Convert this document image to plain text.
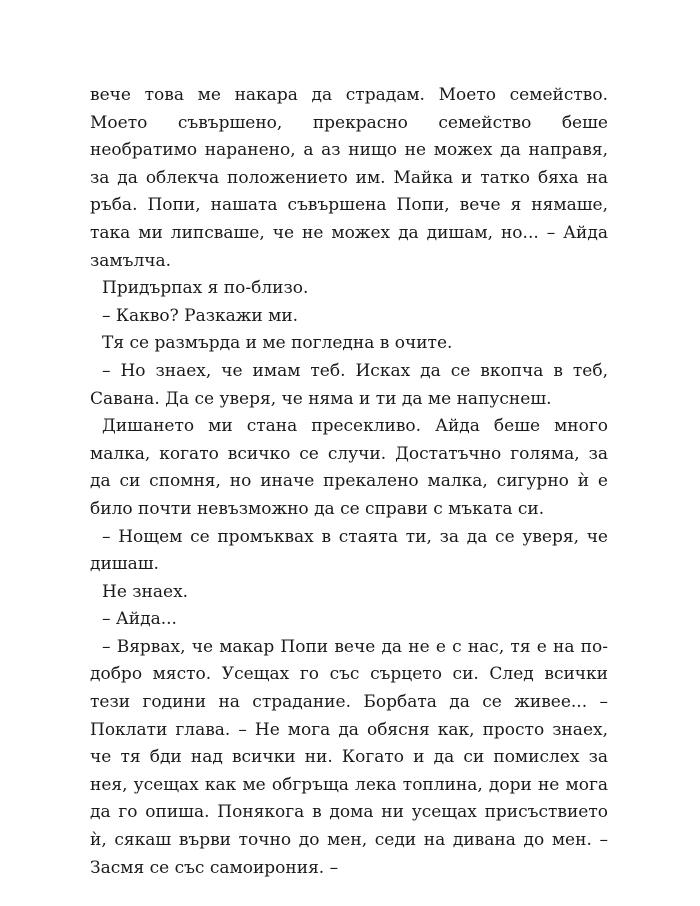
вече това ме накара да страдам. Моето семейство. Моето съвършено, прекрасно семейство беше необратимо наранено, а аз нищо не можех да направя, за да облекча положението им. Майка и татко бяха на ръба. Попи, нашата съвършена Попи, вече я нямаше, така ми липсваше, че не можех да дишам, но... – Айда замълча.

Придърпах я по-близо.

– Какво? Разкажи ми.

Тя се размърда и ме погледна в очите.

– Но знаех, че имам теб. Исках да се вкопча в теб, Савана. Да се уверя, че няма и ти да ме напуснеш.

Дишането ми стана пресекливо. Айда беше много малка, когато всичко се случи. Достатъчно голяма, за да си спомня, но иначе прекалено малка, сигурно ѝ е било почти невъзможно да се справи с мъката си.

– Нощем се промъквах в стаята ти, за да се уверя, че дишаш.

Не знаех.

– Айда...

– Вярвах, че макар Попи вече да не е с нас, тя е на по-добро място. Усещах го със сърцето си. След всички тези години на страдание. Борбата да се живее... – Поклати глава. – Не мога да обясня как, просто знаех, че тя бди над всички ни. Когато и да си помислех за нея, усещах как ме обгръща лека топлина, дори не мога да го опиша. Понякога в дома ни усещах присъствието ѝ, сякаш върви точно до мен, седи на дивана до мен. – Засмя се със самоирония. –
